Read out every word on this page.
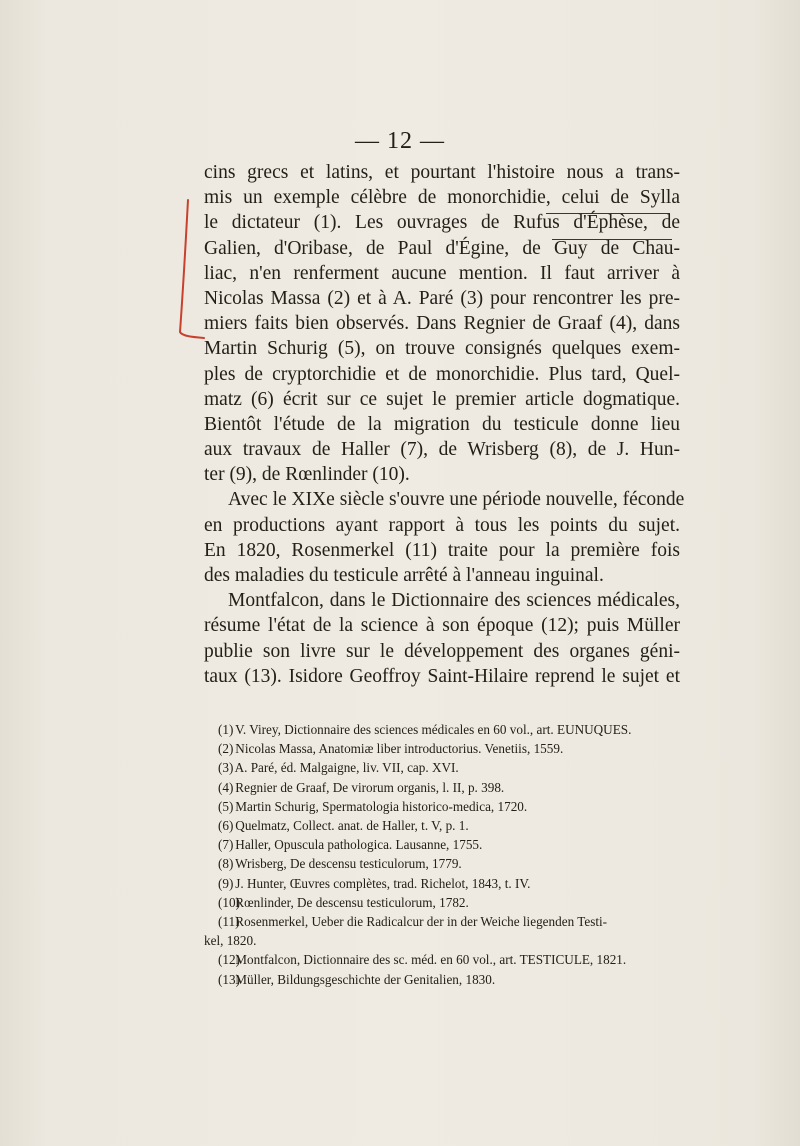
— 12 —
cins grecs et latins, et pourtant l'histoire nous a trans-
mis un exemple célèbre de monorchidie, celui de Sylla
le dictateur (1). Les ouvrages de Rufus d'Éphèse, de
Galien, d'Oribase, de Paul d'Égine, de Guy de Chau-
liac, n'en renferment aucune mention. Il faut arriver à
Nicolas Massa (2) et à A. Paré (3) pour rencontrer les pre-
miers faits bien observés. Dans Regnier de Graaf (4), dans
Martin Schurig (5), on trouve consignés quelques exem-
ples de cryptorchidie et de monorchidie. Plus tard, Quel-
matz (6) écrit sur ce sujet le premier article dogmatique.
Bientôt l'étude de la migration du testicule donne lieu
aux travaux de Haller (7), de Wrisberg (8), de J. Hun-
ter (9), de Rœnlinder (10).
Avec le XIXe siècle s'ouvre une période nouvelle, féconde
en productions ayant rapport à tous les points du sujet.
En 1820, Rosenmerkel (11) traite pour la première fois
des maladies du testicule arrêté à l'anneau inguinal.
Montfalcon, dans le Dictionnaire des sciences médicales,
résume l'état de la science à son époque (12); puis Müller
publie son livre sur le développement des organes géni-
taux (13). Isidore Geoffroy Saint-Hilaire reprend le sujet et
(1) V. Virey, Dictionnaire des sciences médicales en 60 vol., art. EUNUQUES.
(2) Nicolas Massa, Anatomiæ liber introductorius. Venetiis, 1559.
(3) A. Paré, éd. Malgaigne, liv. VII, cap. XVI.
(4) Regnier de Graaf, De virorum organis, l. II, p. 398.
(5) Martin Schurig, Spermatologia historico-medica, 1720.
(6) Quelmatz, Collect. anat. de Haller, t. V, p. 1.
(7) Haller, Opuscula pathologica. Lausanne, 1755.
(8) Wrisberg, De descensu testiculorum, 1779.
(9) J. Hunter, Œuvres complètes, trad. Richelot, 1843, t. IV.
(10) Rœnlinder, De descensu testiculorum, 1782.
(11) Rosenmerkel, Ueber die Radicalcur der in der Weiche liegenden Testi-
kel, 1820.
(12) Montfalcon, Dictionnaire des sc. méd. en 60 vol., art. TESTICULE, 1821.
(13) Müller, Bildungsgeschichte der Genitalien, 1830.
